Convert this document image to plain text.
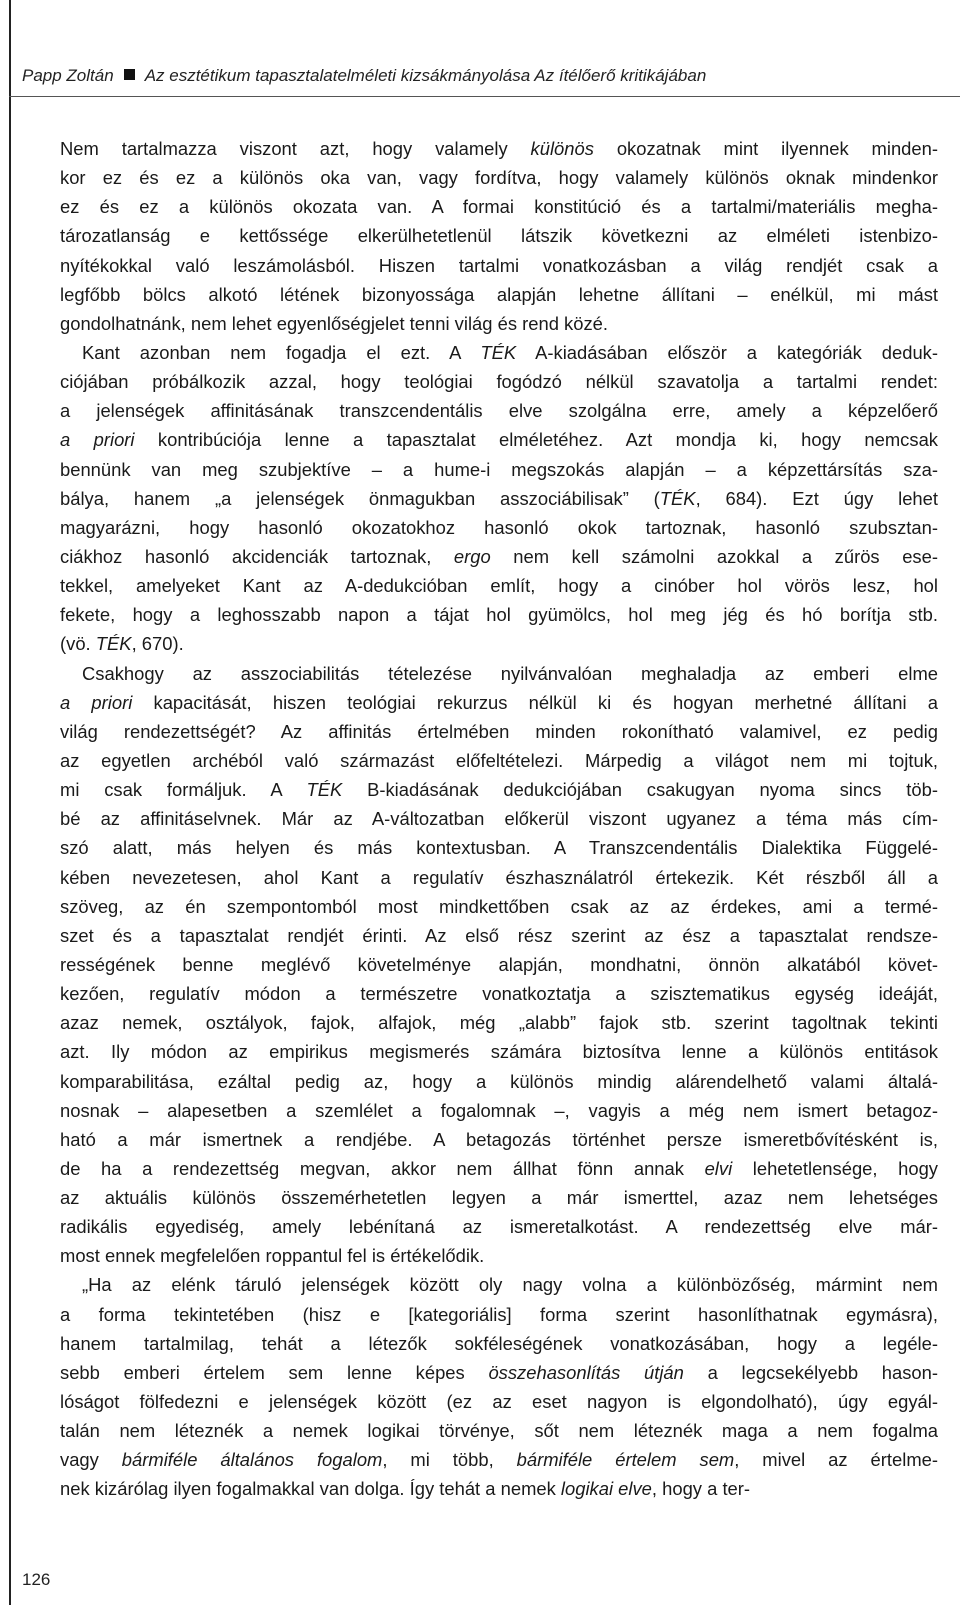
Papp Zoltán Az esztétikum tapasztalatelméleti kizsákmányolása Az ítélőerő kritikájában
Nem tartalmazza viszont azt, hogy valamely különös okozatnak mint ilyennek minden-
kor ez és ez a különös oka van, vagy fordítva, hogy valamely különös oknak mindenkor
ez és ez a különös okozata van. A formai konstitúció és a tartalmi/materiális megha-
tározatlanság e kettőssége elkerülhetetlenül látszik következni az elméleti istenbizo-
nyítékokkal való leszámolásból. Hiszen tartalmi vonatkozásban a világ rendjét csak a
legfőbb bölcs alkotó létének bizonyossága alapján lehetne állítani – enélkül, mi mást
gondolhatnánk, nem lehet egyenlőségjelet tenni világ és rend közé.
Kant azonban nem fogadja el ezt. A TÉK A-kiadásában először a kategóriák deduk-
ciójában próbálkozik azzal, hogy teológiai fogódzó nélkül szavatolja a tartalmi rendet:
a jelenségek affinitásának transzcendentális elve szolgálna erre, amely a képzelőerő
a priori kontribúciója lenne a tapasztalat elméletéhez. Azt mondja ki, hogy nemcsak
bennünk van meg szubjektíve – a hume-i megszokás alapján – a képzettársítás sza-
bálya, hanem „a jelenségek önmagukban asszociábilisak” (TÉK, 684). Ezt úgy lehet
magyarázni, hogy hasonló okozatokhoz hasonló okok tartoznak, hasonló szubsztan-
ciákhoz hasonló akcidenciák tartoznak, ergo nem kell számolni azokkal a zűrös ese-
tekkel, amelyeket Kant az A-dedukcióban említ, hogy a cinóber hol vörös lesz, hol
fekete, hogy a leghosszabb napon a tájat hol gyümölcs, hol meg jég és hó borítja stb.
(vö. TÉK, 670).
Csakhogy az asszociabilitás tételezése nyilvánvalóan meghaladja az emberi elme
a priori kapacitását, hiszen teológiai rekurzus nélkül ki és hogyan merhetné állítani a
világ rendezettségét? Az affinitás értelmében minden rokonítható valamivel, ez pedig
az egyetlen archéból való származást előfeltételezi. Márpedig a világot nem mi tojtuk,
mi csak formáljuk. A TÉK B-kiadásának dedukciójában csakugyan nyoma sincs töb-
bé az affinitáselvnek. Már az A-változatban előkerül viszont ugyanez a téma más cím-
szó alatt, más helyen és más kontextusban. A Transzcendentális Dialektika Függelé-
kében nevezetesen, ahol Kant a regulatív észhasználatról értekezik. Két részből áll a
szöveg, az én szempontomból most mindkettőben csak az az érdekes, ami a termé-
szet és a tapasztalat rendjét érinti. Az első rész szerint az ész a tapasztalat rendsze-
rességének benne meglévő követelménye alapján, mondhatni, önnön alkatából követ-
kezően, regulatív módon a természetre vonatkoztatja a szisztematikus egység ideáját,
azaz nemek, osztályok, fajok, alfajok, még „alabb” fajok stb. szerint tagoltnak tekinti
azt. Ily módon az empirikus megismerés számára biztosítva lenne a különös entitások
komparabilitása, ezáltal pedig az, hogy a különös mindig alárendelhető valami általá-
nosnak – alapesetben a szemlélet a fogalomnak –, vagyis a még nem ismert betagoz-
ható a már ismertnek a rendjébe. A betagozás történhet persze ismeretbővítésként is,
de ha a rendezettség megvan, akkor nem állhat fönn annak elvi lehetetlensége, hogy
az aktuális különös összemérhetetlen legyen a már ismerttel, azaz nem lehetséges
radikális egyediség, amely lebénítaná az ismeretalkotást. A rendezettség elve már-
most ennek megfelelően roppantul fel is értékelődik.
„Ha az elénk táruló jelenségek között oly nagy volna a különbözőség, mármint nem
a forma tekintetében (hisz e [kategoriális] forma szerint hasonlíthatnak egymásra),
hanem tartalmilag, tehát a létezők sokféleségének vonatkozásában, hogy a legéle-
sebb emberi értelem sem lenne képes összehasonlítás útján a legcsekélyebb hason-
lóságot fölfedezni e jelenségek között (ez az eset nagyon is elgondolható), úgy egyál-
talán nem léteznék a nemek logikai törvénye, sőt nem léteznék maga a nem fogalma
vagy bármiféle általános fogalom, mi több, bármiféle értelem sem, mivel az értelme-
nek kizárólag ilyen fogalmakkal van dolga. Így tehát a nemek logikai elve, hogy a ter-
126
